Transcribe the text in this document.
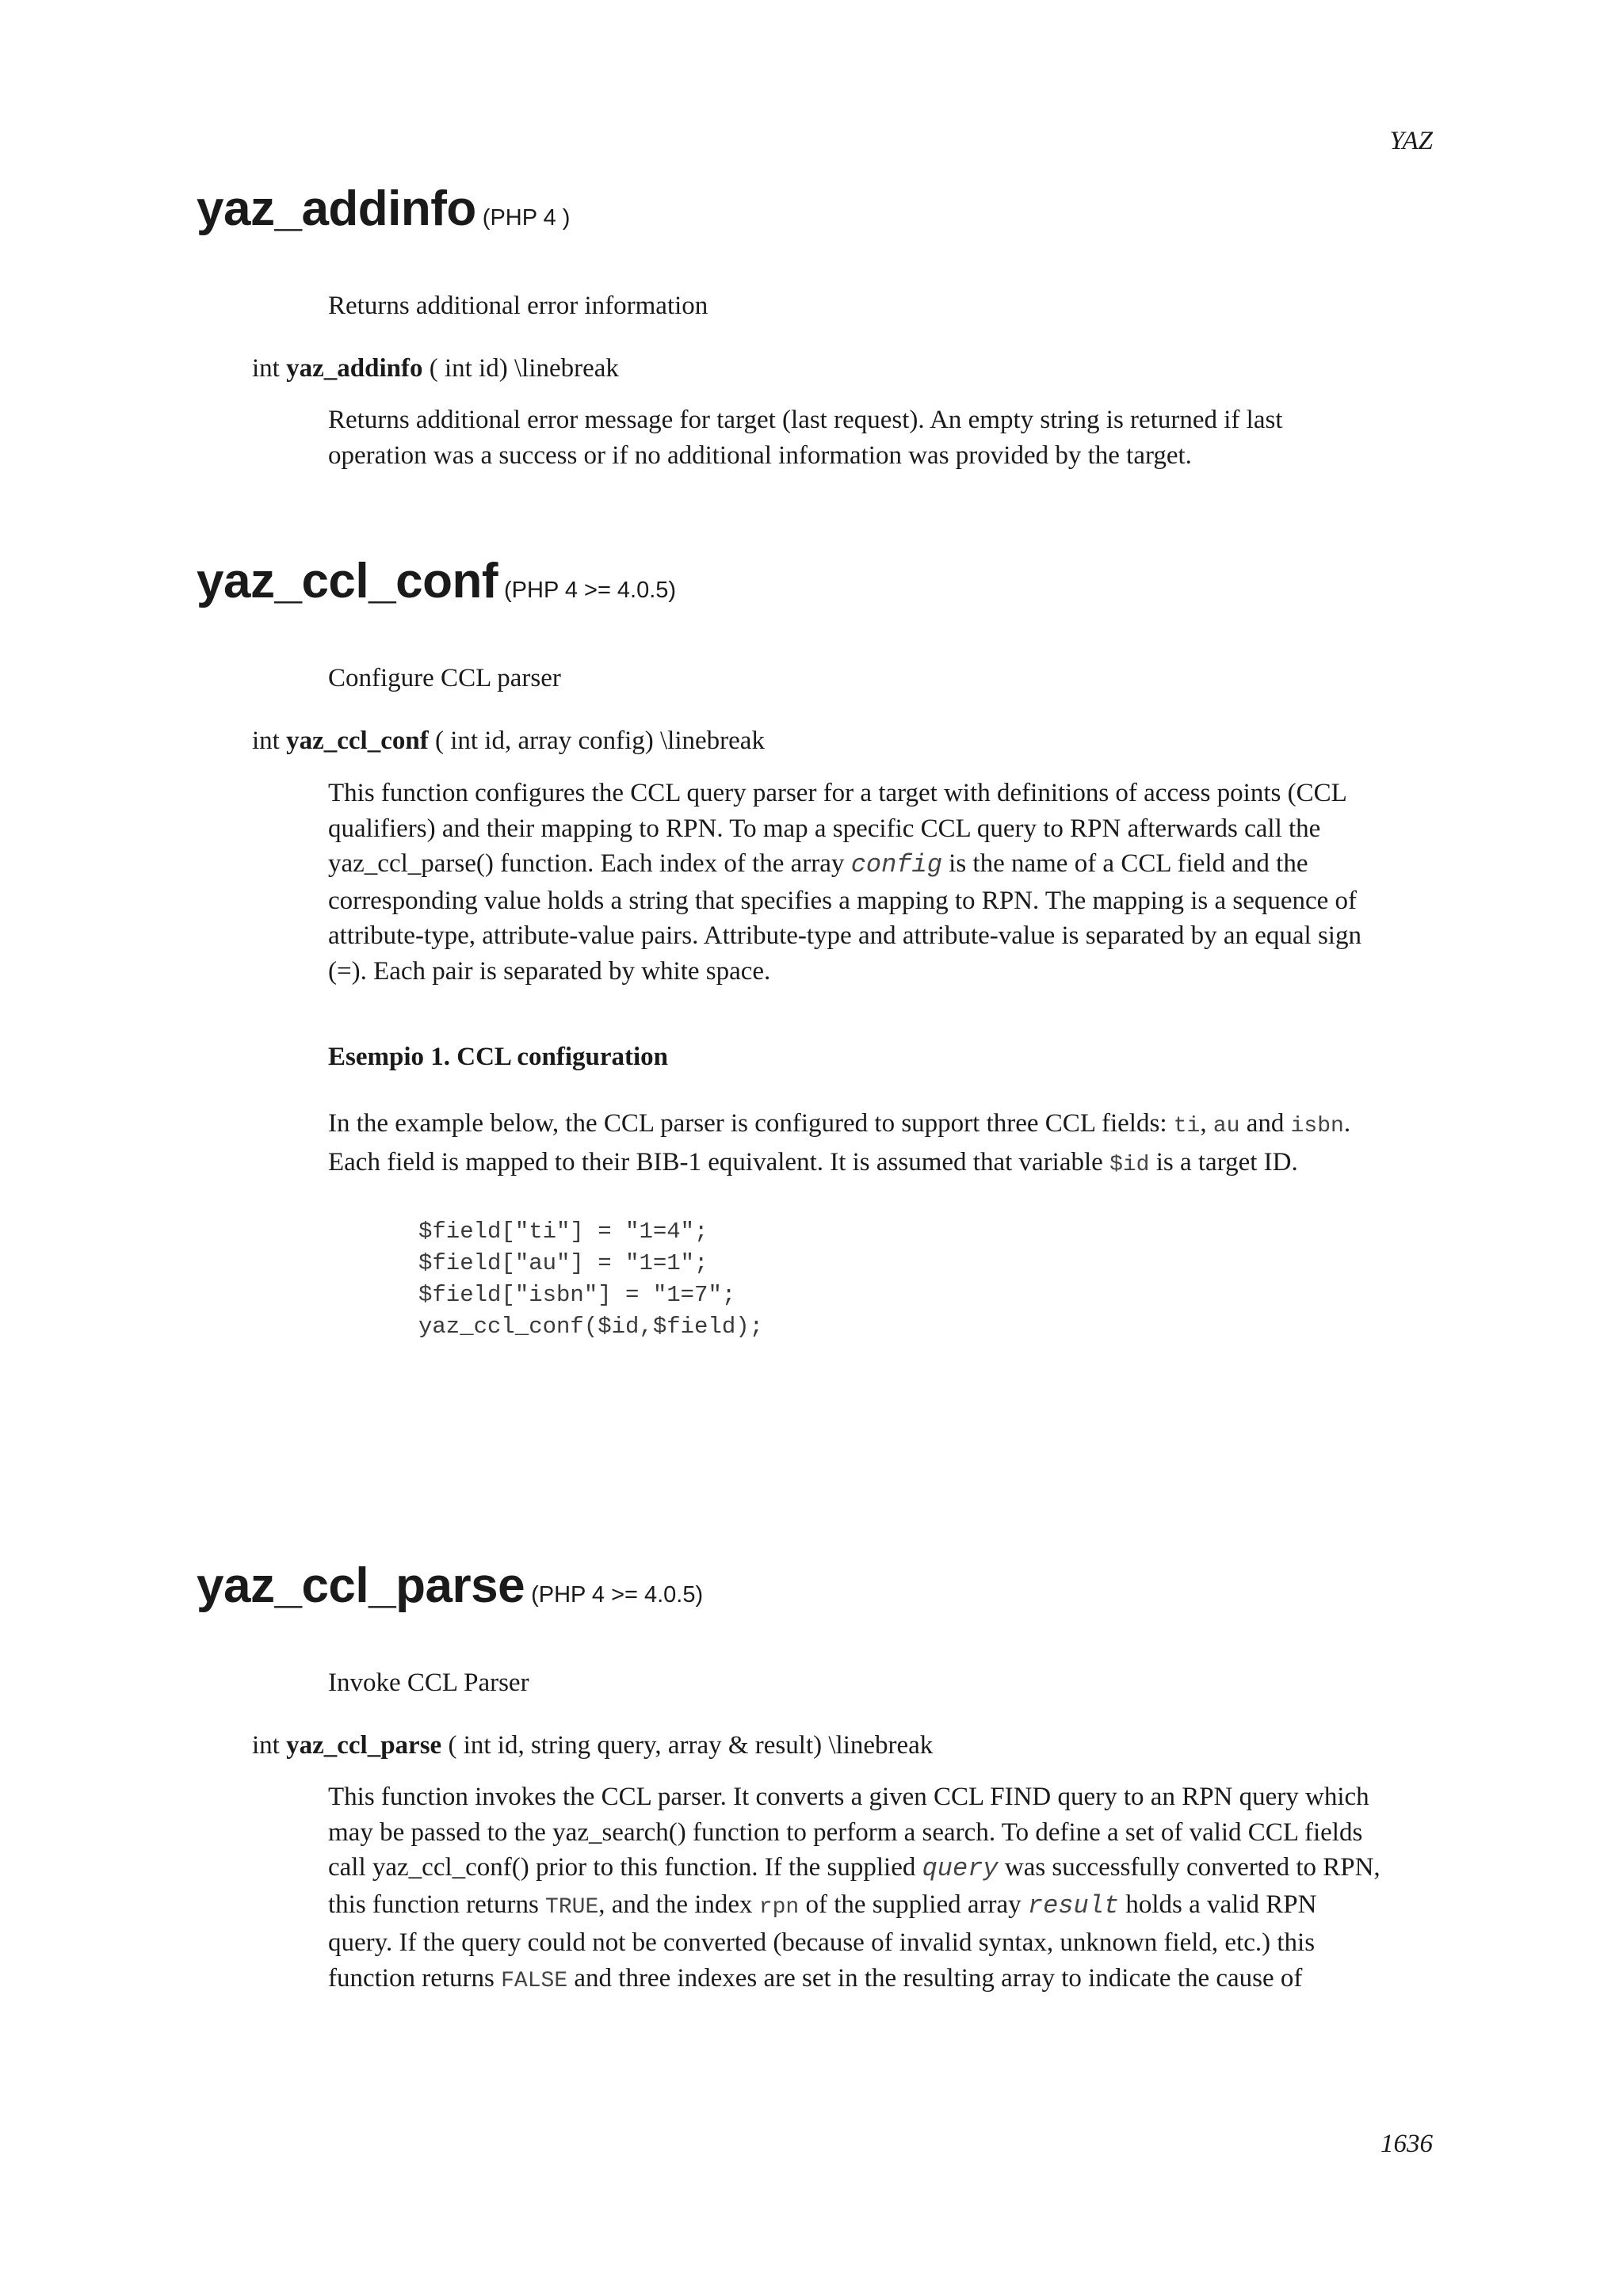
YAZ
yaz_addinfo (PHP 4 )
Returns additional error information
int yaz_addinfo ( int id) \linebreak
Returns additional error message for target (last request). An empty string is returned if last
operation was a success or if no additional information was provided by the target.
yaz_ccl_conf (PHP 4 >= 4.0.5)
Configure CCL parser
int yaz_ccl_conf ( int id, array config) \linebreak
This function configures the CCL query parser for a target with definitions of access points (CCL
qualifiers) and their mapping to RPN. To map a specific CCL query to RPN afterwards call the
yaz_ccl_parse() function. Each index of the array config is the name of a CCL field and the
corresponding value holds a string that specifies a mapping to RPN. The mapping is a sequence of
attribute-type, attribute-value pairs. Attribute-type and attribute-value is separated by an equal sign
(=). Each pair is separated by white space.
Esempio 1. CCL configuration
In the example below, the CCL parser is configured to support three CCL fields: ti, au and isbn.
Each field is mapped to their BIB-1 equivalent. It is assumed that variable $id is a target ID.
$field["ti"] = "1=4";
$field["au"] = "1=1";
$field["isbn"] = "1=7";
yaz_ccl_conf($id,$field);
yaz_ccl_parse (PHP 4 >= 4.0.5)
Invoke CCL Parser
int yaz_ccl_parse ( int id, string query, array & result) \linebreak
This function invokes the CCL parser. It converts a given CCL FIND query to an RPN query which
may be passed to the yaz_search() function to perform a search. To define a set of valid CCL fields
call yaz_ccl_conf() prior to this function. If the supplied query was successfully converted to RPN,
this function returns TRUE, and the index rpn of the supplied array result holds a valid RPN
query. If the query could not be converted (because of invalid syntax, unknown field, etc.) this
function returns FALSE and three indexes are set in the resulting array to indicate the cause of
1636
